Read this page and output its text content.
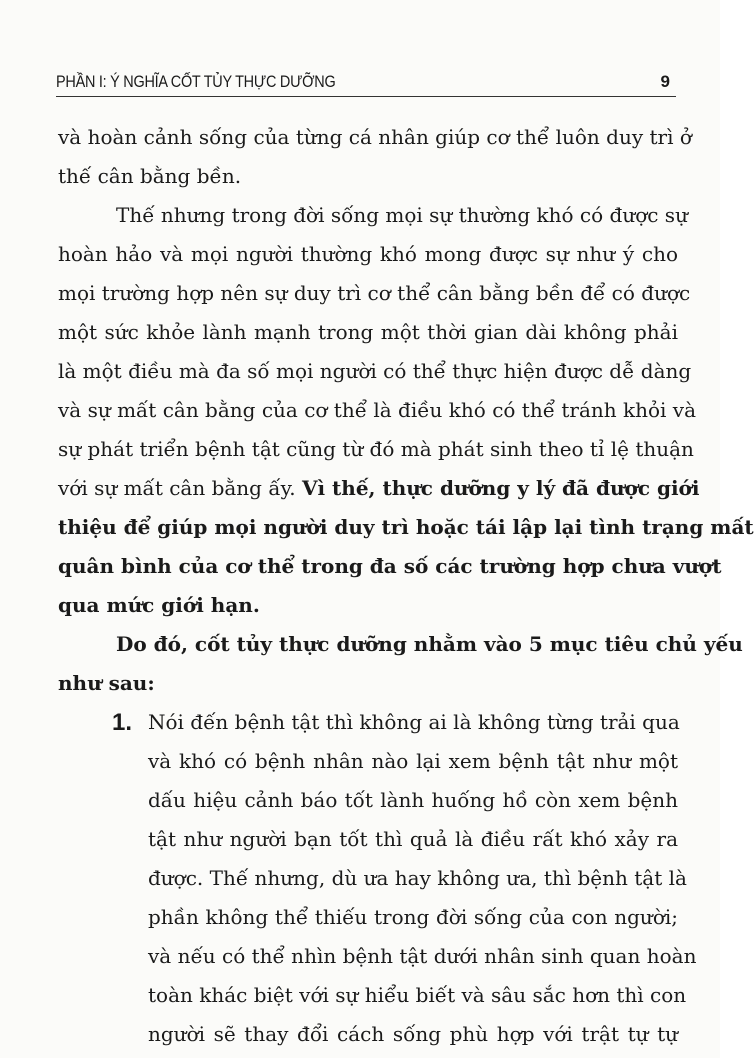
PHẦN I: Ý NGHĨA CỐT TỦY THỰC DƯỠNG	9
và hoàn cảnh sống của từng cá nhân giúp cơ thể luôn duy trì ở
thế cân bằng bền.
Thế nhưng trong đời sống mọi sự thường khó có được sự
hoàn hảo và mọi người thường khó mong được sự như ý cho
mọi trường hợp nên sự duy trì cơ thể cân bằng bền để có được
một sức khỏe lành mạnh trong một thời gian dài không phải
là một điều mà đa số mọi người có thể thực hiện được dễ dàng
và sự mất cân bằng của cơ thể là điều khó có thể tránh khỏi và
sự phát triển bệnh tật cũng từ đó mà phát sinh theo tỉ lệ thuận
với sự mất cân bằng ấy. Vì thế, thực dưỡng y lý đã được giới
thiệu để giúp mọi người duy trì hoặc tái lập lại tình trạng mất
quân bình của cơ thể trong đa số các trường hợp chưa vượt
qua mức giới hạn.
Do đó, cốt tủy thực dưỡng nhằm vào 5 mục tiêu chủ yếu
như sau:
1. Nói đến bệnh tật thì không ai là không từng trải qua
và khó có bệnh nhân nào lại xem bệnh tật như một
dấu hiệu cảnh báo tốt lành huống hồ còn xem bệnh
tật như người bạn tốt thì quả là điều rất khó xảy ra
được. Thế nhưng, dù ưa hay không ưa, thì bệnh tật là
phần không thể thiếu trong đời sống của con người;
và nếu có thể nhìn bệnh tật dưới nhân sinh quan hoàn
toàn khác biệt với sự hiểu biết và sâu sắc hơn thì con
người sẽ thay đổi cách sống phù hợp với trật tự tự
